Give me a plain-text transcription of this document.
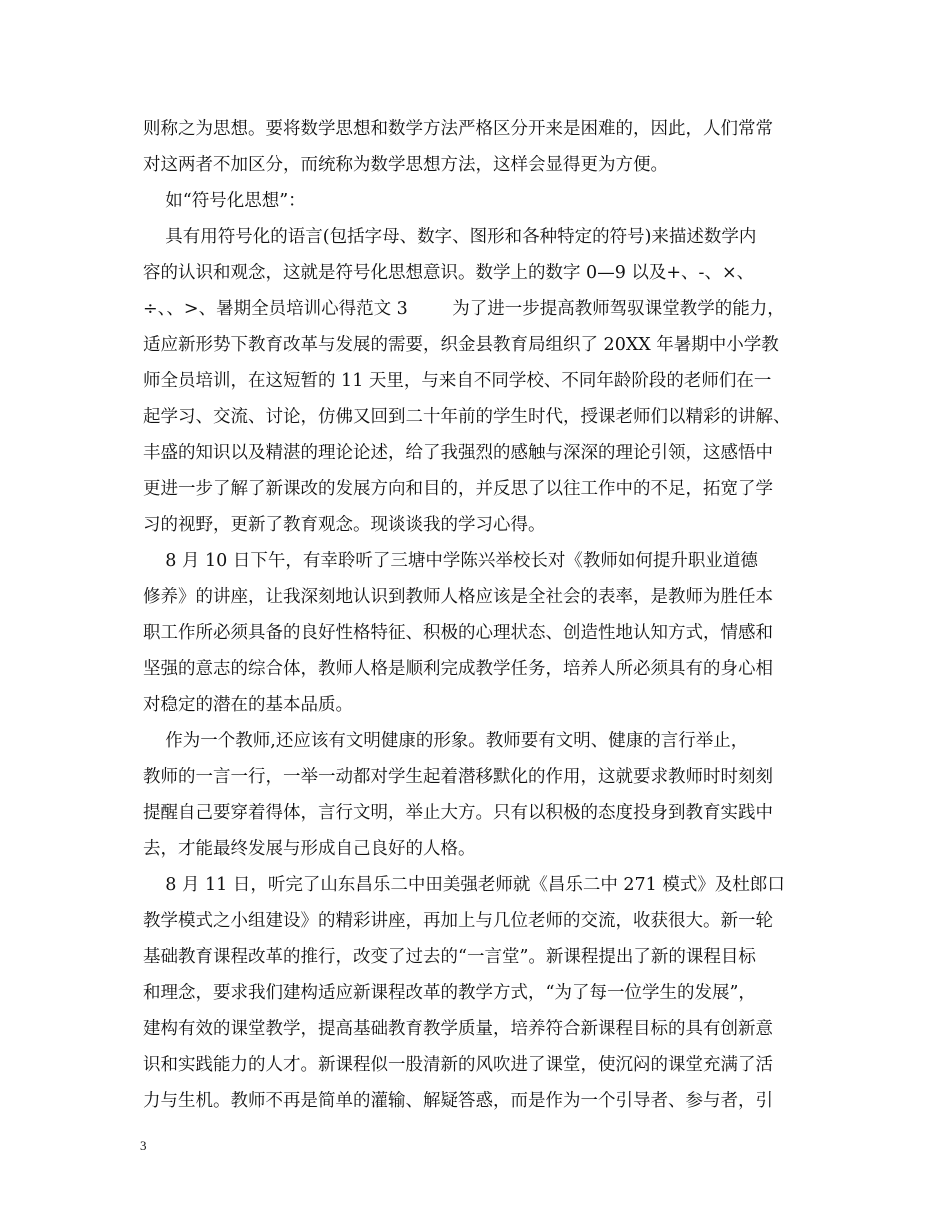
则称之为思想。要将数学思想和数学方法严格区分开来是困难的，因此，人们常常
对这两者不加区分，而统称为数学思想方法，这样会显得更为方便。
如“符号化思想”：
具有用符号化的语言(包括字母、数字、图形和各种特定的符号)来描述数学内
容的认识和观念，这就是符号化思想意识。数学上的数字 0—9 以及+、-、×、
÷、、>、暑期全员培训心得范文 3        为了进一步提高教师驾驭课堂教学的能力，
适应新形势下教育改革与发展的需要，织金县教育局组织了 20XX 年暑期中小学教
师全员培训，在这短暂的 11 天里，与来自不同学校、不同年龄阶段的老师们在一
起学习、交流、讨论，仿佛又回到二十年前的学生时代，授课老师们以精彩的讲解、
丰盛的知识以及精湛的理论论述，给了我强烈的感触与深深的理论引领，这感悟中
更进一步了解了新课改的发展方向和目的，并反思了以往工作中的不足，拓宽了学
习的视野，更新了教育观念。现谈谈我的学习心得。
8 月 10 日下午，有幸聆听了三塘中学陈兴举校长对《教师如何提升职业道德
修养》的讲座，让我深刻地认识到教师人格应该是全社会的表率，是教师为胜任本
职工作所必须具备的良好性格特征、积极的心理状态、创造性地认知方式，情感和
坚强的意志的综合体，教师人格是顺利完成教学任务，培养人所必须具有的身心相
对稳定的潜在的基本品质。
作为一个教师,还应该有文明健康的形象。教师要有文明、健康的言行举止，
教师的一言一行，一举一动都对学生起着潜移默化的作用，这就要求教师时时刻刻
提醒自己要穿着得体，言行文明，举止大方。只有以积极的态度投身到教育实践中
去，才能最终发展与形成自己良好的人格。
8 月 11 日，听完了山东昌乐二中田美强老师就《昌乐二中 271 模式》及杜郎口
教学模式之小组建设》的精彩讲座，再加上与几位老师的交流，收获很大。新一轮
基础教育课程改革的推行，改变了过去的“一言堂”。新课程提出了新的课程目标
和理念，要求我们建构适应新课程改革的教学方式，“为了每一位学生的发展”，
建构有效的课堂教学，提高基础教育教学质量，培养符合新课程目标的具有创新意
识和实践能力的人才。新课程似一股清新的风吹进了课堂，使沉闷的课堂充满了活
力与生机。教师不再是简单的灌输、解疑答惑，而是作为一个引导者、参与者，引
3
